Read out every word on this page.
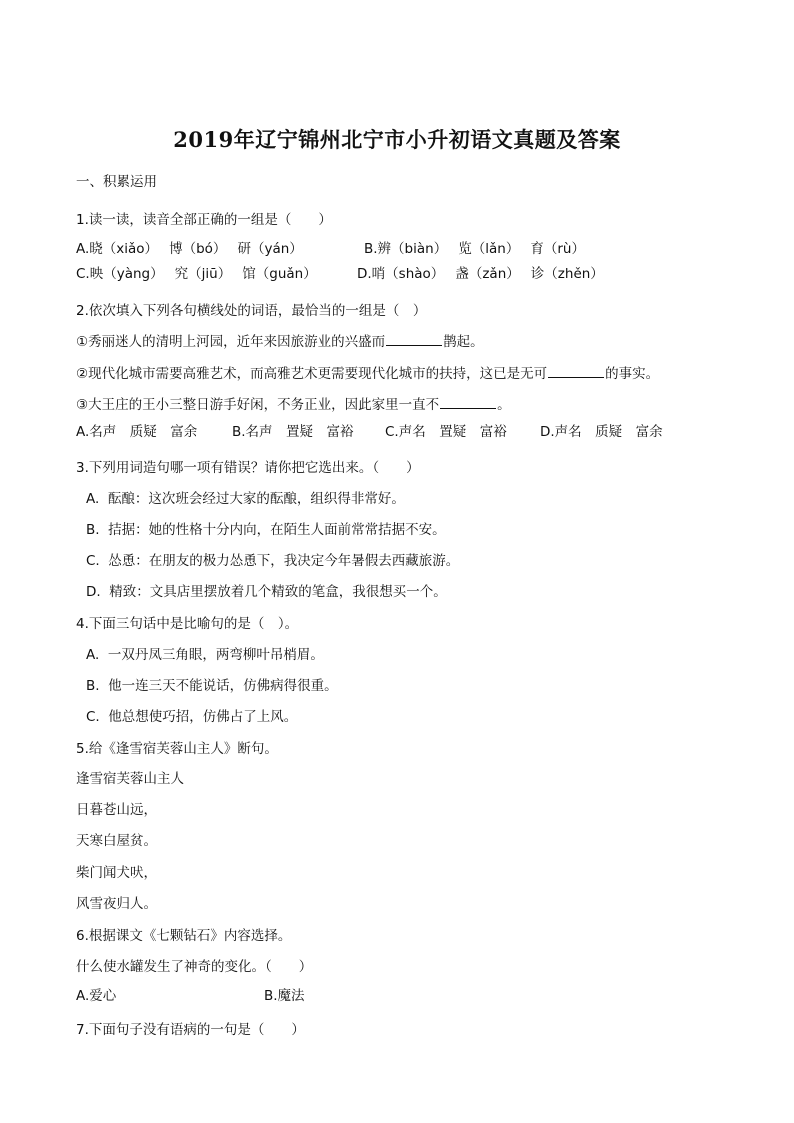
2019年辽宁锦州北宁市小升初语文真题及答案
一、积累运用
1.读一读，读音全部正确的一组是（　　）
A.晓（xiǎo）　 博（bó）　 研（yán）	B.辨（biàn）　 览（lǎn）　 育（rù）
C.映（yàng）　 究（jiū）　 馆（guǎn）	D.哨（shào）　 盏（zǎn）　 诊（zhěn）
2.依次填入下列各句横线处的词语，最恰当的一组是（　）
①秀丽迷人的清明上河园，近年来因旅游业的兴盛而	鹊起。
②现代化城市需要高雅艺术，而高雅艺术更需要现代化城市的扶持，这已是无可	的事实。
③大王庄的王小三整日游手好闲，不务正业，因此家里一直不	。
A.名声　质疑　富余	B.名声　置疑　富裕 C.声名　置疑　富裕 D.声名　质疑　富余
3.下列用词造句哪一项有错误？请你把它选出来。（　　）
A.  酝酿：这次班会经过大家的酝酿，组织得非常好。
B.  拮据：她的性格十分内向，在陌生人面前常常拮据不安。
C.  怂恿：在朋友的极力怂恿下，我决定今年暑假去西藏旅游。
D.  精致：文具店里摆放着几个精致的笔盒，我很想买一个。
4.下面三句话中是比喻句的是（　）。
A.  一双丹凤三角眼，两弯柳叶吊梢眉。
B.  他一连三天不能说话，仿佛病得很重。
C.  他总想使巧招，仿佛占了上风。
5.给《逢雪宿芙蓉山主人》断句。
逢雪宿芙蓉山主人
日暮苍山远，
天寒白屋贫。
柴门闻犬吠，
风雪夜归人。
6.根据课文《七颗钻石》内容选择。
什么使水罐发生了神奇的变化。（　　）
A.爱心	B.魔法
7.下面句子没有语病的一句是（　　）
